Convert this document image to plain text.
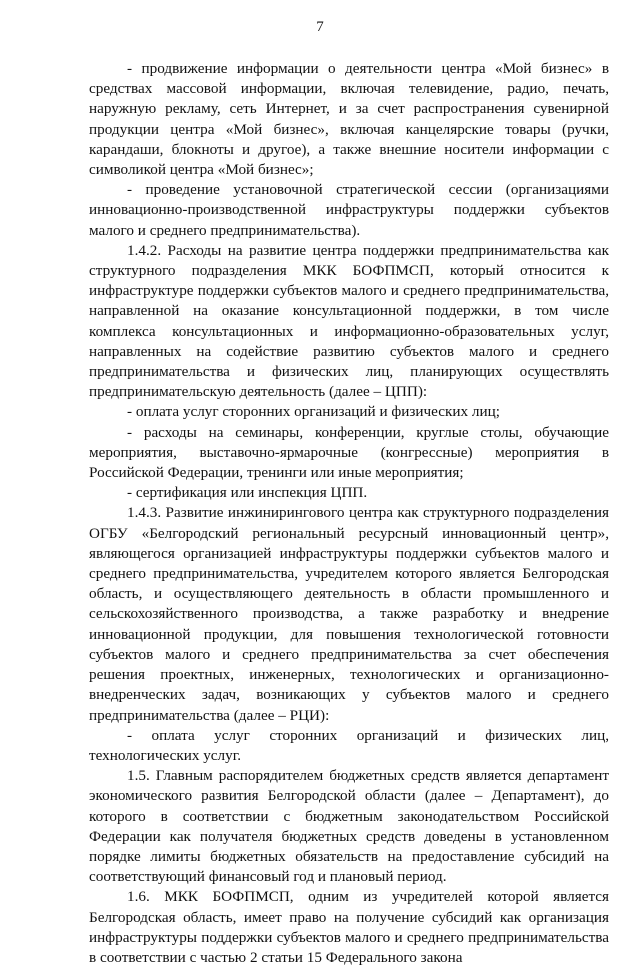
7

- продвижение информации о деятельности центра «Мой бизнес» в средствах массовой информации, включая телевидение, радио, печать, наружную рекламу, сеть Интернет, и за счет распространения сувенирной продукции центра «Мой бизнес», включая канцелярские товары (ручки, карандаши, блокноты и другое), а также внешние носители информации с символикой центра «Мой бизнес»;

- проведение установочной стратегической сессии (организациями инновационно-производственной инфраструктуры поддержки субъектов малого и среднего предпринимательства).

1.4.2. Расходы на развитие центра поддержки предпринимательства как структурного подразделения МКК БОФПМСП, который относится к инфраструктуре поддержки субъектов малого и среднего предпринимательства, направленной на оказание консультационной поддержки, в том числе комплекса консультационных и информационно-образовательных услуг, направленных на содействие развитию субъектов малого и среднего предпринимательства и физических лиц, планирующих осуществлять предпринимательскую деятельность (далее – ЦПП):

- оплата услуг сторонних организаций и физических лиц;

- расходы на семинары, конференции, круглые столы, обучающие мероприятия, выставочно-ярмарочные (конгрессные) мероприятия в Российской Федерации, тренинги или иные мероприятия;

- сертификация или инспекция ЦПП.

1.4.3. Развитие инжинирингового центра как структурного подразделения ОГБУ «Белгородский региональный ресурсный инновационный центр», являющегося организацией инфраструктуры поддержки субъектов малого и среднего предпринимательства, учредителем которого является Белгородская область, и осуществляющего деятельность в области промышленного и сельскохозяйственного производства, а также разработку и внедрение инновационной продукции, для повышения технологической готовности субъектов малого и среднего предпринимательства за счет обеспечения решения проектных, инженерных, технологических и организационно-внедренческих задач, возникающих у субъектов малого и среднего предпринимательства (далее – РЦИ):

- оплата услуг сторонних организаций и физических лиц, технологических услуг.

1.5. Главным распорядителем бюджетных средств является департамент экономического развития Белгородской области (далее – Департамент), до которого в соответствии с бюджетным законодательством Российской Федерации как получателя бюджетных средств доведены в установленном порядке лимиты бюджетных обязательств на предоставление субсидий на соответствующий финансовый год и плановый период.

1.6. МКК БОФПМСП, одним из учредителей которой является Белгородская область, имеет право на получение субсидий как организация инфраструктуры поддержки субъектов малого и среднего предпринимательства в соответствии с частью 2 статьи 15 Федерального закона
